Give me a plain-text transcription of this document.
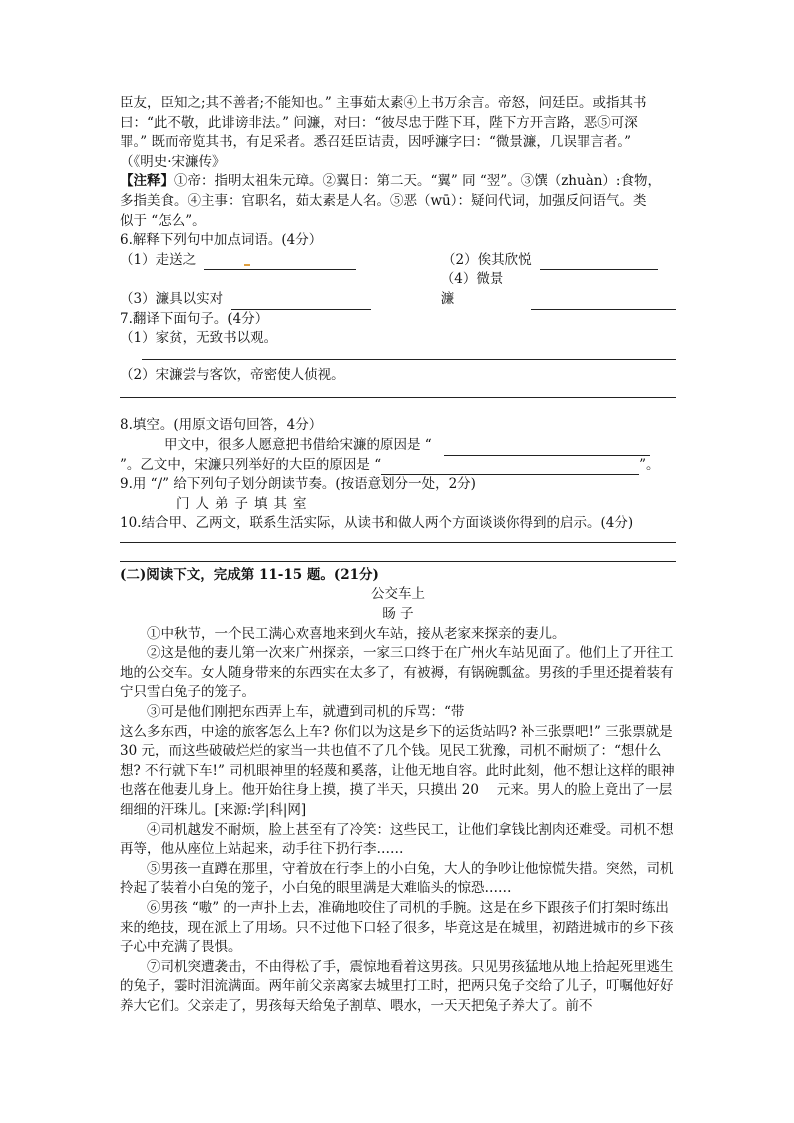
臣友，臣知之;其不善者;不能知也。” 主事茹太素④上书万余言。帝怒，问廷臣。或指其书

曰：“此不敬，此诽谤非法。” 问濂，对曰：“彼尽忠于陛下耳，陛下方开言路，恶⑤可深

罪。” 既而帝览其书，有足采者。悉召廷臣诘责，因呼濂字曰：“微景濂，几误罪言者。”

（《明史·宋濂传》

【注释】①帝：指明太祖朱元璋。②翼日：第二天。“翼” 同 “翌”。③馔（zhuàn）:食物，

多指美食。④主事：官职名，茹太素是人名。⑤恶（wū）：疑问代词，加强反问语气。类

似于 “怎么”。

6.解释下列句中加点词语。(4分）

（1）走送之	（2）俟其欣悦
（3）濂具以实对
（4）微景濂

7.翻译下面句子。(4分）

（1）家贫，无致书以观。

（2）宋濂尝与客饮，帝密使人侦视。

8.填空。(用原文语句回答，4分）

甲文中，很多人愿意把书借给宋濂的原因是 “

”。乙文中，宋濂只列举好的大臣的原因是 “	”。

9.用 “/” 给下列句子划分朗读节奏。(按语意划分一处，2分)

门人弟子填其室

10.结合甲、乙两文，联系生活实际，从读书和做人两个方面谈谈你得到的启示。(4分)

(二)阅读下文，完成第 11-15 题。(21分)

公交车上

旸 子

①中秋节，一个民工满心欢喜地来到火车站，接从老家来探亲的妻儿。

②这是他的妻儿第一次来广州探亲，一家三口终于在广州火车站见面了。他们上了开往工地的公交车。女人随身带来的东西实在太多了，有被褥，有锅碗瓢盆。男孩的手里还提着装有宁只雪白兔子的笼子。

③可是他们刚把东西弄上车，就遭到司机的斥骂：“带

这么多东西，中途的旅客怎么上车? 你们以为这是乡下的运货站吗? 补三张票吧!” 三张票就是 30 元，而这些破破烂烂的家当一共也值不了几个钱。见民工犹豫，司机不耐烦了：“想什么想? 不行就下车!” 司机眼神里的轻蔑和奚落，让他无地自容。此时此刻，他不想让这样的眼神也落在他妻儿身上。他开始往身上摸，摸了半天，只摸出 20　 元来。男人的脸上竟出了一层细细的汗珠儿。[来源:学|科|网]

④司机越发不耐烦，脸上甚至有了冷笑：这些民工，让他们拿钱比割肉还难受。司机不想再等，他从座位上站起来，动手往下扔行李……

⑤男孩一直蹲在那里，守着放在行李上的小白兔，大人的争吵让他惊慌失措。突然，司机拎起了装着小白兔的笼子，小白兔的眼里满是大难临头的惊恐……

⑥男孩 “嗷” 的一声扑上去，准确地咬住了司机的手腕。这是在乡下跟孩子们打架时练出来的绝技，现在派上了用场。只不过他下口轻了很多，毕竟这是在城里，初踏进城市的乡下孩子心中充满了畏惧。

⑦司机突遭袭击，不由得松了手，震惊地看着这男孩。只见男孩猛地从地上拾起死里逃生的兔子，霎时泪流满面。两年前父亲离家去城里打工时，把两只兔子交给了儿子，叮嘱他好好养大它们。父亲走了，男孩每天给兔子割草、喂水，一天天把兔子养大了。前不
